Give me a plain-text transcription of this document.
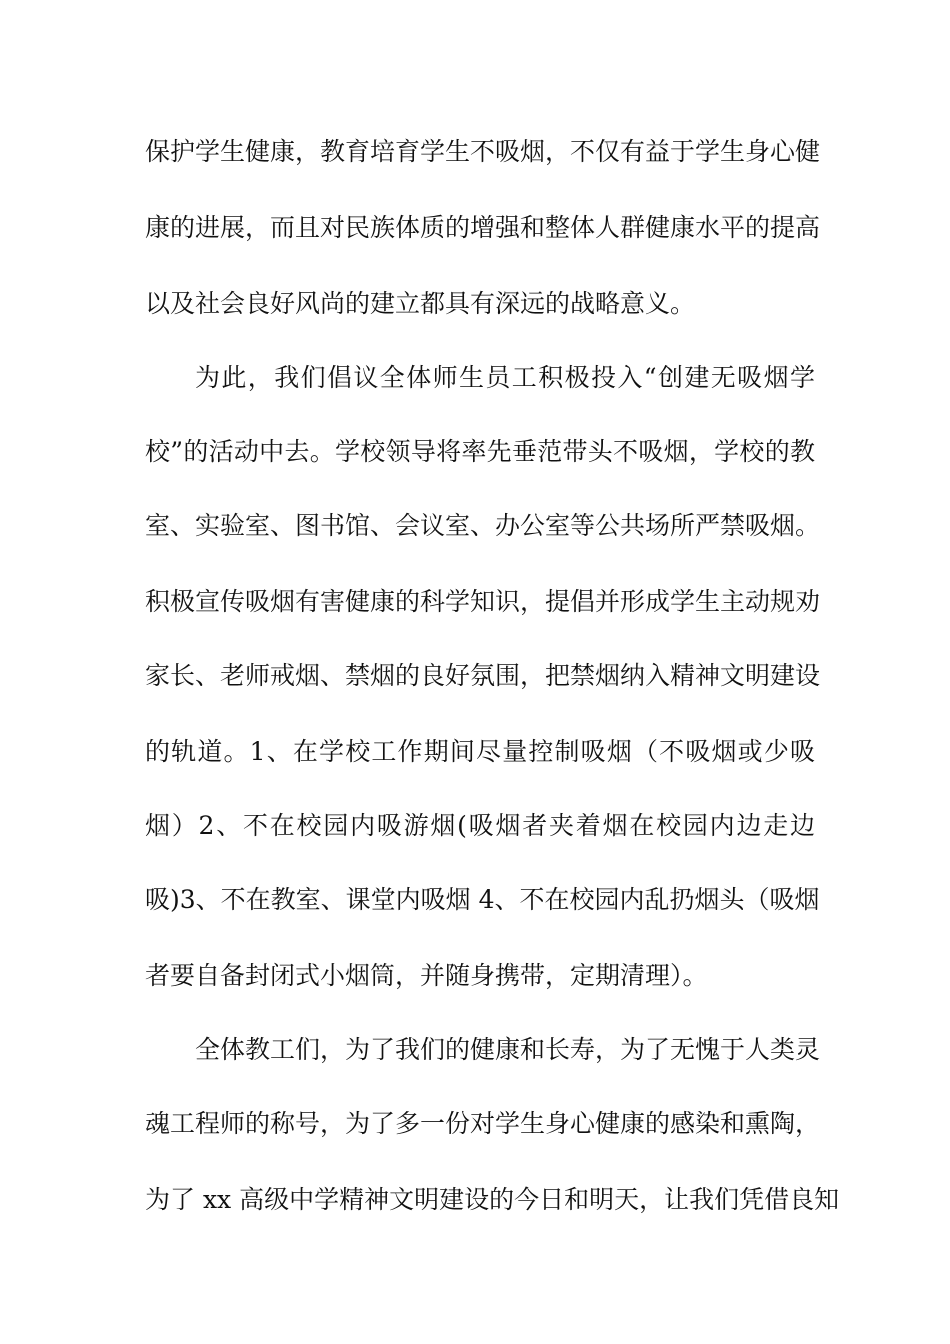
保护学生健康，教育培育学生不吸烟，不仅有益于学生身心健
康的进展，而且对民族体质的增强和整体人群健康水平的提高
以及社会良好风尚的建立都具有深远的战略意义。
为此，我们倡议全体师生员工积极投入“创建无吸烟学
校”的活动中去。学校领导将率先垂范带头不吸烟，学校的教
室、实验室、图书馆、会议室、办公室等公共场所严禁吸烟。
积极宣传吸烟有害健康的科学知识，提倡并形成学生主动规劝
家长、老师戒烟、禁烟的良好氛围，把禁烟纳入精神文明建设
的轨道。1、在学校工作期间尽量控制吸烟（不吸烟或少吸
烟）2、不在校园内吸游烟(吸烟者夹着烟在校园内边走边
吸)3、不在教室、课堂内吸烟 4、不在校园内乱扔烟头（吸烟
者要自备封闭式小烟筒，并随身携带，定期清理）。
全体教工们，为了我们的健康和长寿，为了无愧于人类灵
魂工程师的称号，为了多一份对学生身心健康的感染和熏陶，
为了 xx 高级中学精神文明建设的今日和明天，让我们凭借良知
